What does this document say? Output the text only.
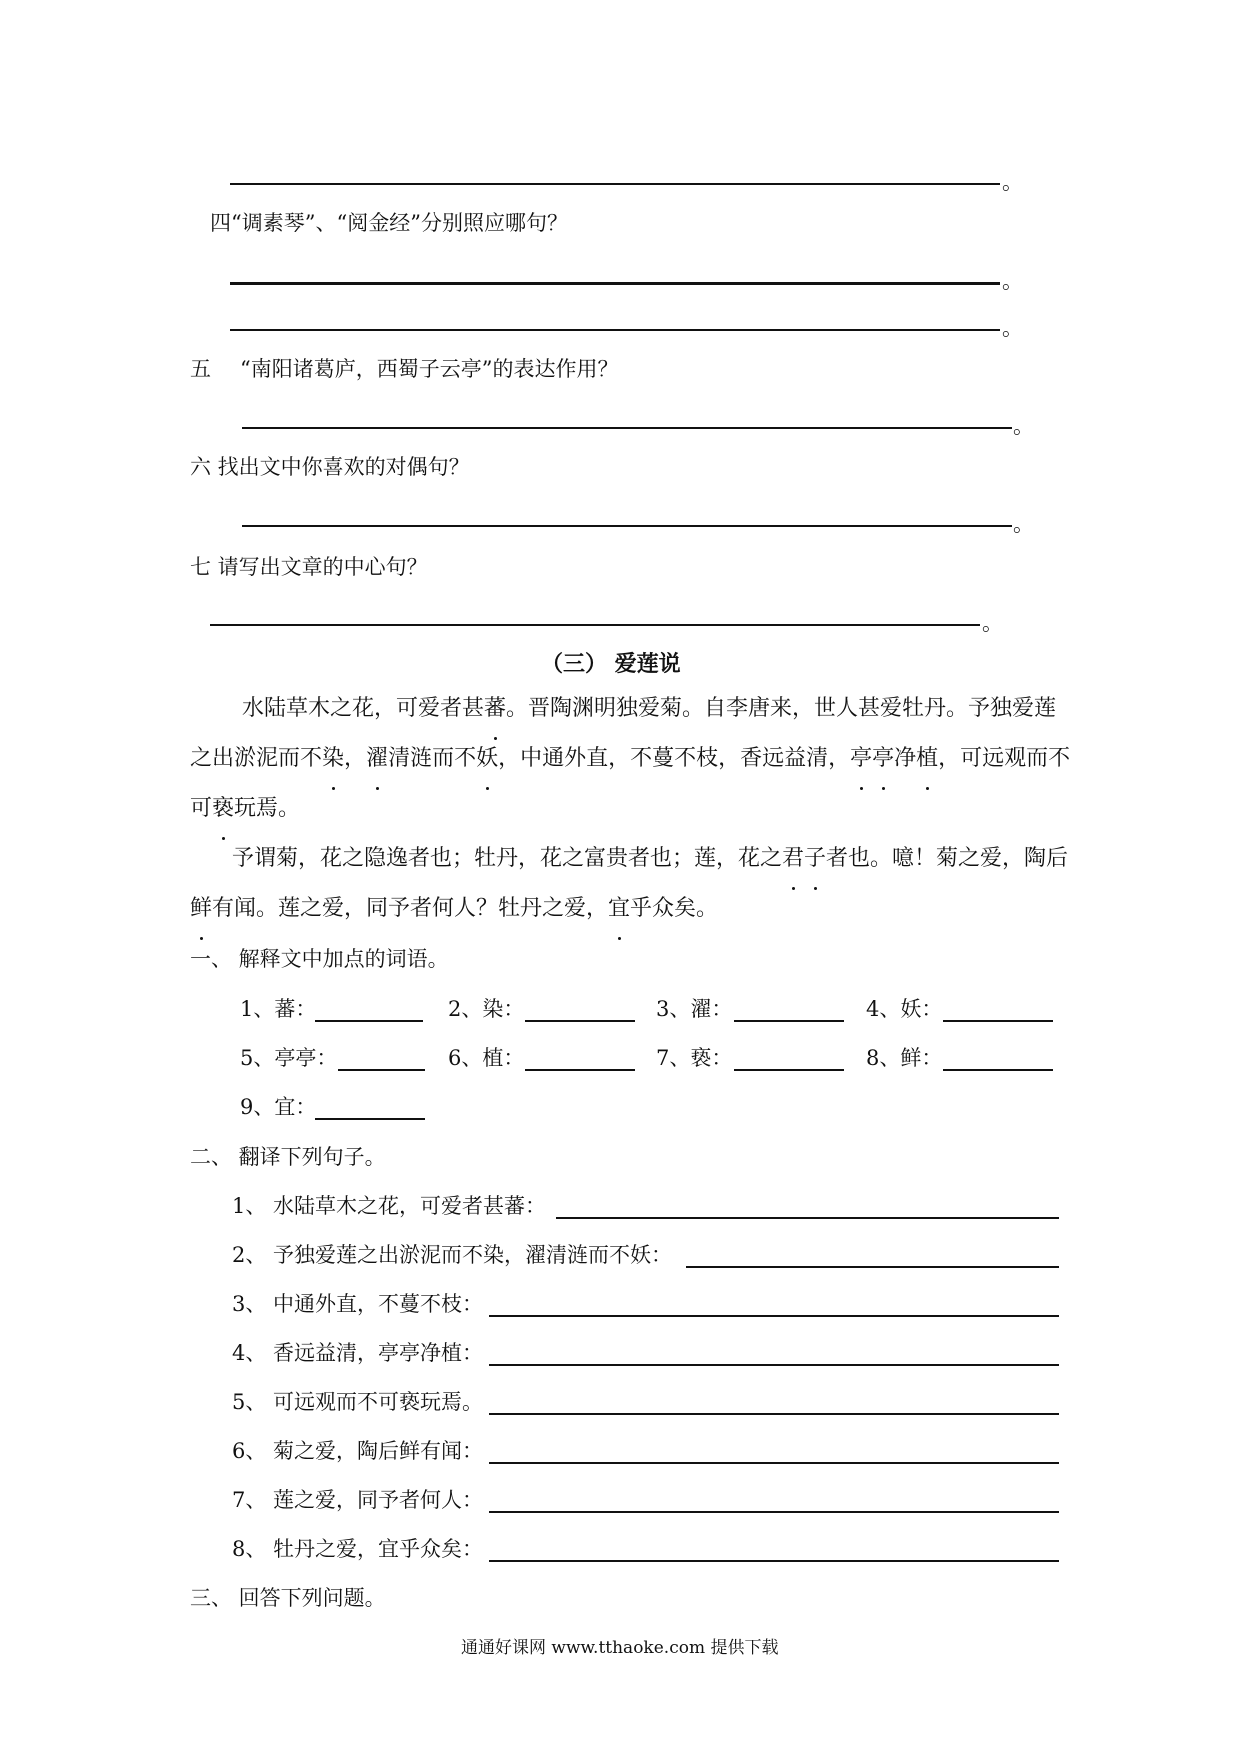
。
四“调素琴”、“阅金经”分别照应哪句？
。
。
五 “南阳诸葛庐，西蜀子云亭”的表达作用？
。
六 找出文中你喜欢的对偶句？
。
七 请写出文章的中心句？
。
（三） 爱莲说
水陆草木之花，可爱者甚蕃。晋陶渊明独爱菊。自李唐来，世人甚爱牡丹。予独爱莲
之出淤泥而不染，濯清涟而不妖，中通外直，不蔓不枝，香远益清，亭亭净植，可远观而不
可亵玩焉。
予谓菊，花之隐逸者也；牡丹，花之富贵者也；莲，花之君子者也。噫！菊之爱，陶后
鲜有闻。莲之爱，同予者何人？牡丹之爱，宜乎众矣。
一、 解释文中加点的词语。
1、蕃：	2、染：	3、濯：	4、妖：
5、亭亭：	6、植：	7、亵：	8、鲜：
9、宜：
二、 翻译下列句子。
1、 水陆草木之花，可爱者甚蕃：
2、 予独爱莲之出淤泥而不染，濯清涟而不妖：
3、 中通外直，不蔓不枝：
4、 香远益清，亭亭净植：
5、 可远观而不可亵玩焉。
6、 菊之爱，陶后鲜有闻：
7、 莲之爱，同予者何人：
8、 牡丹之爱，宜乎众矣：
三、 回答下列问题。
通通好课网 www.tthaoke.com 提供下载
